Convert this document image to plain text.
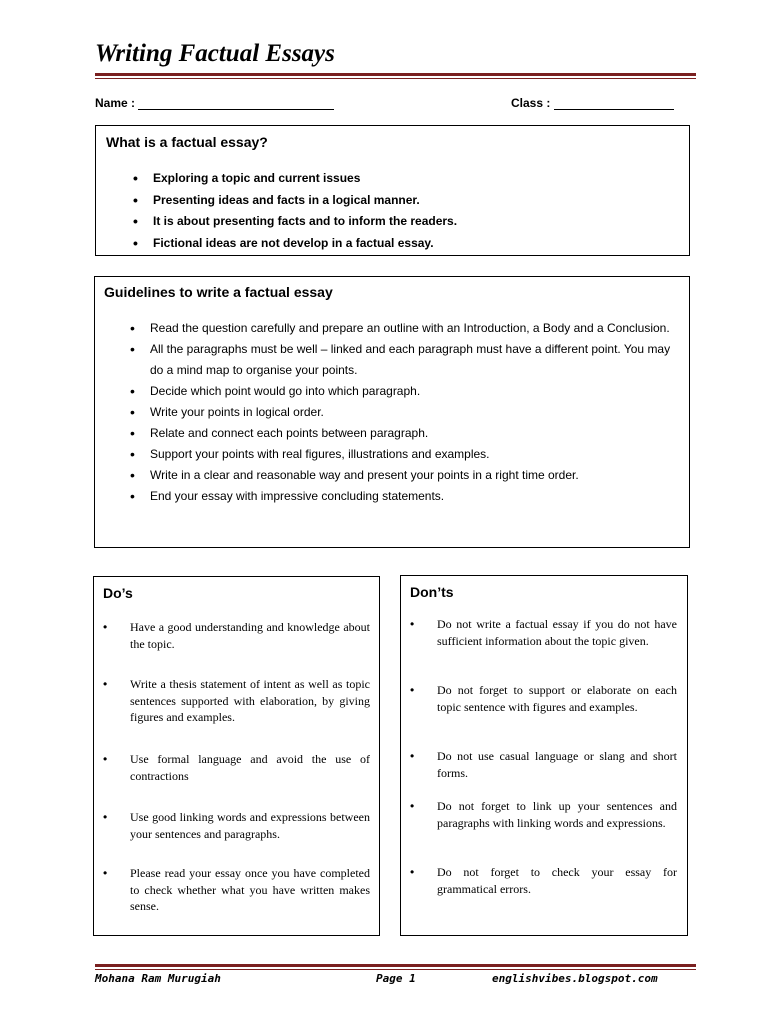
Writing Factual Essays
Name :	Class :
What is a factual essay?
• Exploring a topic and current issues
• Presenting ideas and facts in a logical manner.
• It is about presenting facts and to inform the readers.
• Fictional ideas are not develop in a factual essay.
Guidelines to write a factual essay
• Read the question carefully and prepare an outline with an Introduction, a Body and a Conclusion.
• All the paragraphs must be well – linked and each paragraph must have a different point. You may do a mind map to organise your points.
• Decide which point would go into which paragraph.
• Write your points in logical order.
• Relate and connect each points between paragraph.
• Support your points with real figures, illustrations and examples.
• Write in a clear and reasonable way and present your points in a right time order.
• End your essay with impressive concluding statements.
Do’s
• Have a good understanding and knowledge about the topic.
• Write a thesis statement of intent as well as topic sentences supported with elaboration, by giving figures and examples.
• Use formal language and avoid the use of contractions
• Use good linking words and expressions between your sentences and paragraphs.
• Please read your essay once you have completed to check whether what you have written makes sense.
Don’ts
• Do not write a factual essay if you do not have sufficient information about the topic given.
• Do not forget to support or elaborate on each topic sentence with figures and examples.
• Do not use casual language or slang and short forms.
• Do not forget to link up your sentences and paragraphs with linking words and expressions.
• Do not forget to check your essay for grammatical errors.
Mohana Ram Murugiah	Page 1	englishvibes.blogspot.com
